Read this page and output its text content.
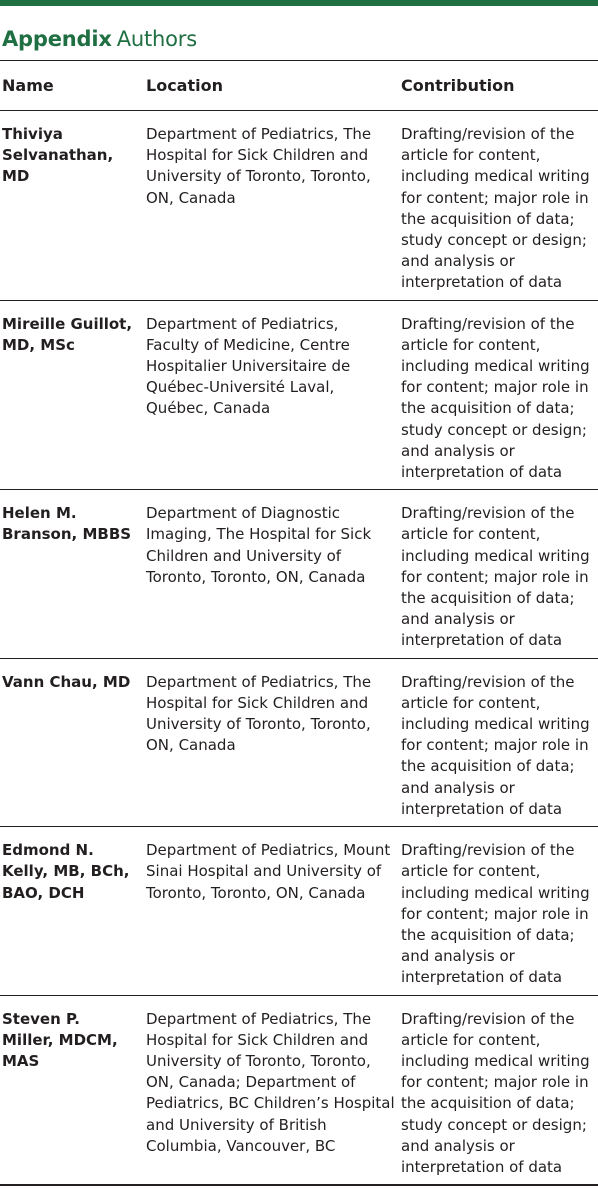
Appendix Authors
Name	Location	Contribution
Thiviya Selvanathan, MD	Department of Pediatrics, The Hospital for Sick Children and University of Toronto, Toronto, ON, Canada	Drafting/revision of the article for content, including medical writing for content; major role in the acquisition of data; study concept or design; and analysis or interpretation of data
Mireille Guillot, MD, MSc	Department of Pediatrics, Faculty of Medicine, Centre Hospitalier Universitaire de Québec-Université Laval, Québec, Canada	Drafting/revision of the article for content, including medical writing for content; major role in the acquisition of data; study concept or design; and analysis or interpretation of data
Helen M. Branson, MBBS	Department of Diagnostic Imaging, The Hospital for Sick Children and University of Toronto, Toronto, ON, Canada	Drafting/revision of the article for content, including medical writing for content; major role in the acquisition of data; and analysis or interpretation of data
Vann Chau, MD	Department of Pediatrics, The Hospital for Sick Children and University of Toronto, Toronto, ON, Canada	Drafting/revision of the article for content, including medical writing for content; major role in the acquisition of data; and analysis or interpretation of data
Edmond N. Kelly, MB, BCh, BAO, DCH	Department of Pediatrics, Mount Sinai Hospital and University of Toronto, Toronto, ON, Canada	Drafting/revision of the article for content, including medical writing for content; major role in the acquisition of data; and analysis or interpretation of data
Steven P. Miller, MDCM, MAS	Department of Pediatrics, The Hospital for Sick Children and University of Toronto, Toronto, ON, Canada; Department of Pediatrics, BC Children’s Hospital and University of British Columbia, Vancouver, BC	Drafting/revision of the article for content, including medical writing for content; major role in the acquisition of data; study concept or design; and analysis or interpretation of data
